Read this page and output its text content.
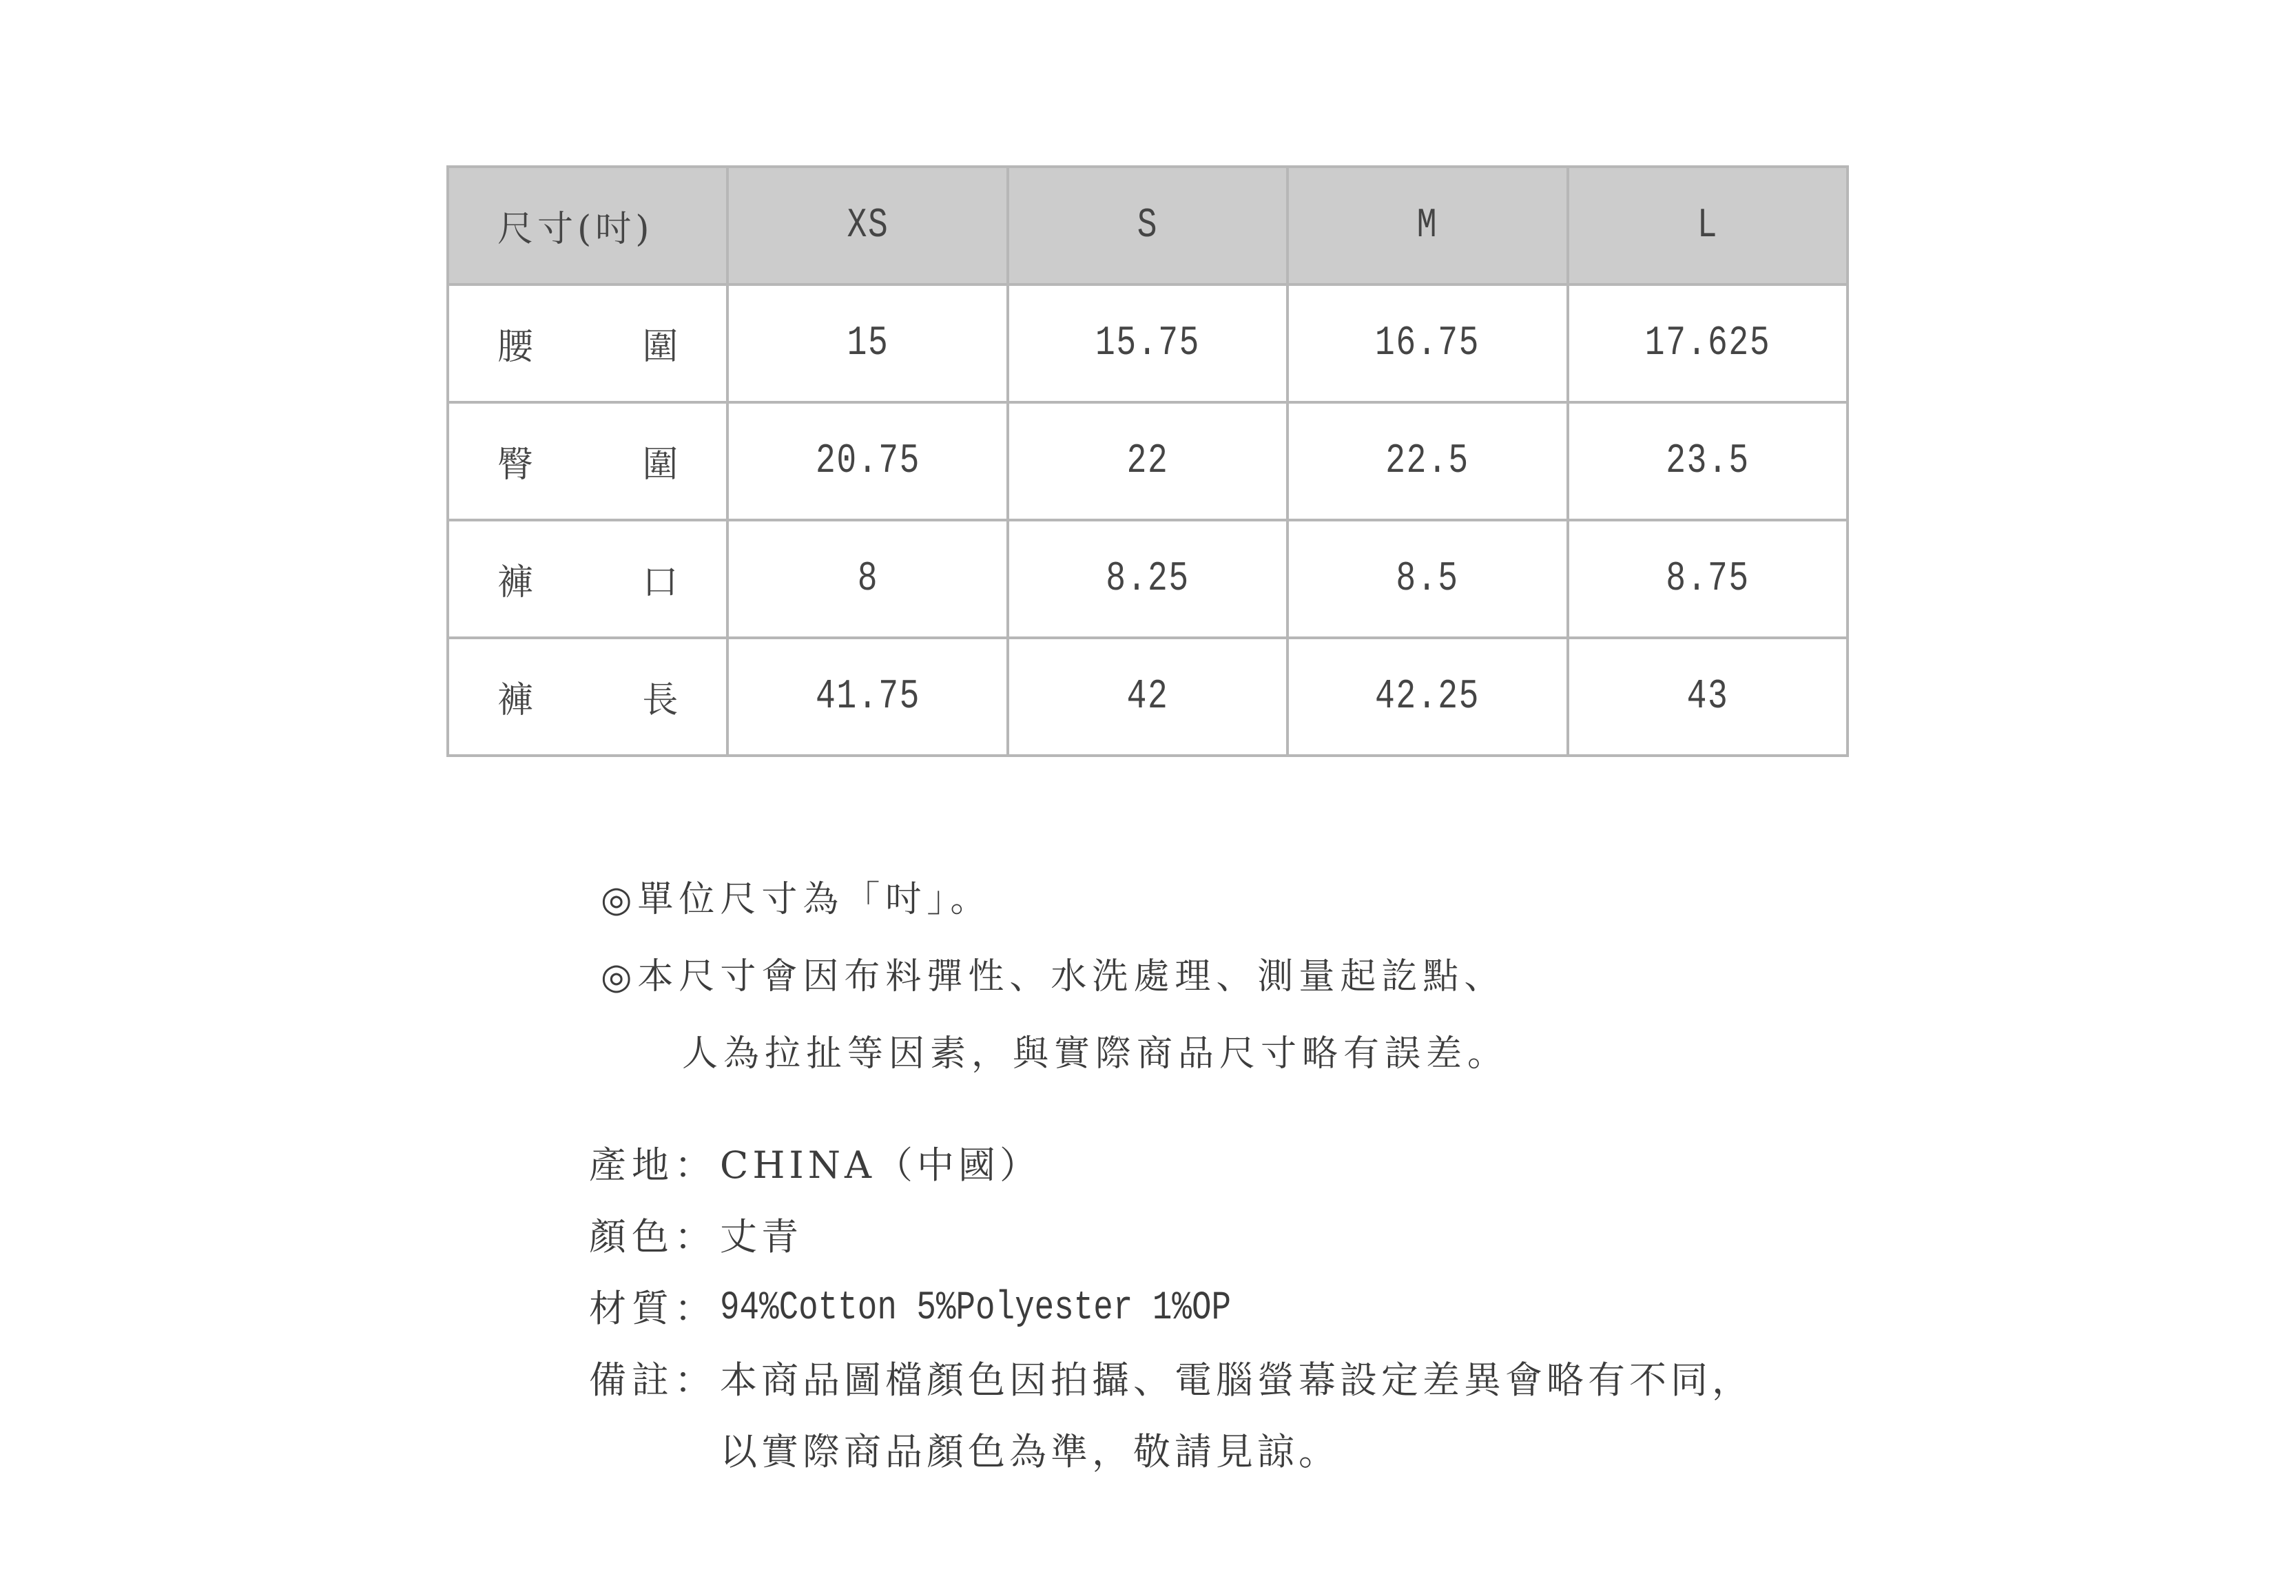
尺寸(吋)	XS	S	M	L

腰 圍	15	15.75	16.75	17.625

臀 圍	20.75	22	22.5	23.5

褲 口	8	8.25	8.5	8.75

褲 長	41.75	42	42.25	43
◎單位尺寸為「吋」。
◎本尺寸會因布料彈性、水洗處理、測量起訖點、
人為拉扯等因素，與實際商品尺寸略有誤差。
產地： CHINA（中國）
顏色： 丈青
材質： 94%Cotton 5%Polyester 1%OP
備註： 本商品圖檔顏色因拍攝、電腦螢幕設定差異會略有不同，
以實際商品顏色為準，敬請見諒。
